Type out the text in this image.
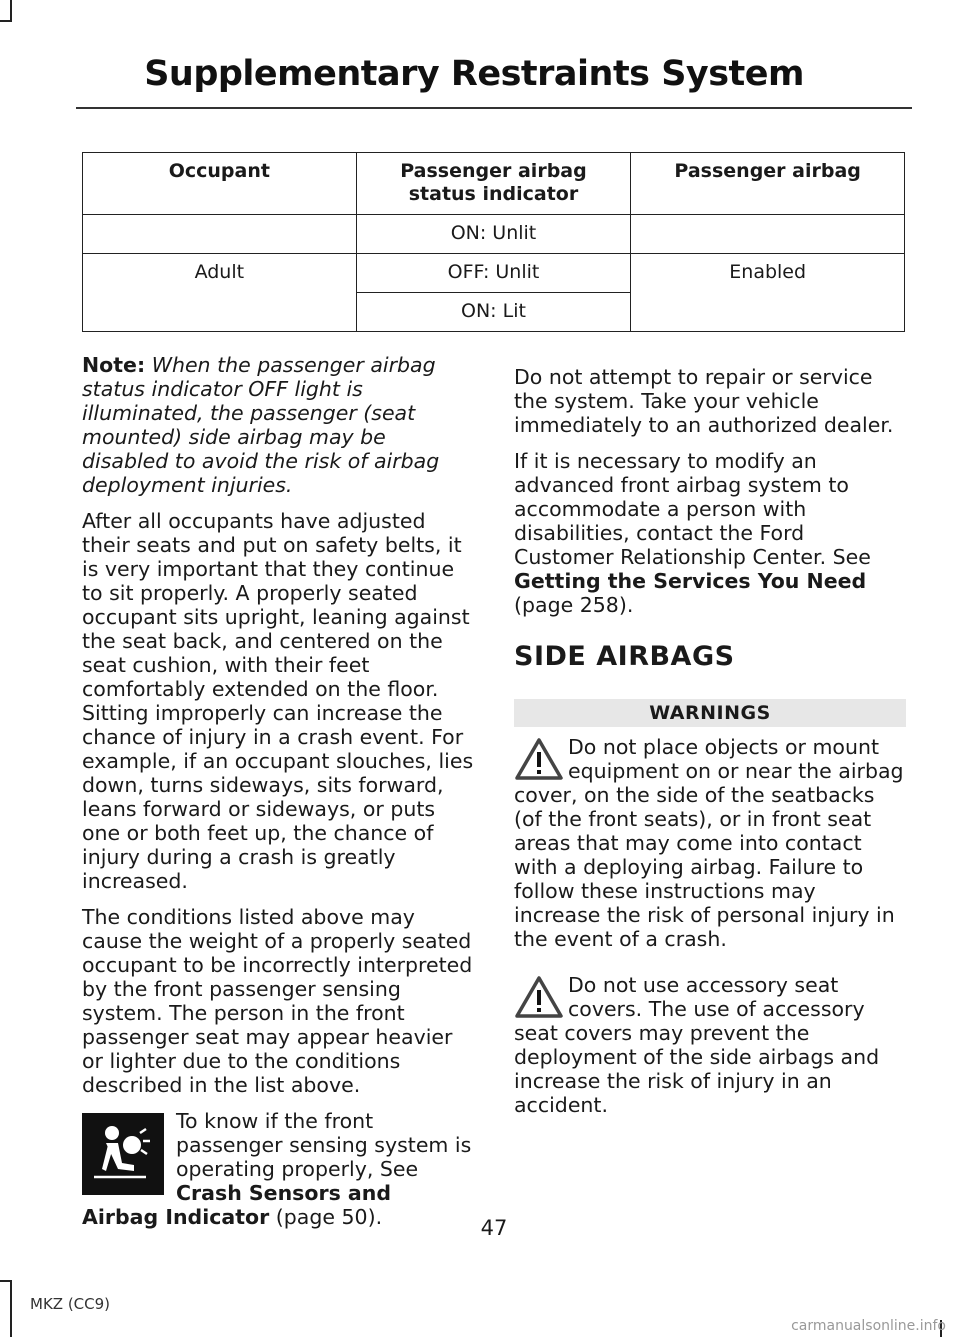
Supplementary Restraints System
Occupant	Passenger airbag status indicator	Passenger airbag
	ON: Unlit	
Adult	OFF: Unlit	Enabled
	ON: Lit	

Note: When the passenger airbag status indicator OFF light is illuminated, the passenger (seat mounted) side airbag may be disabled to avoid the risk of airbag deployment injuries.

After all occupants have adjusted their seats and put on safety belts, it is very important that they continue to sit properly. A properly seated occupant sits upright, leaning against the seat back, and centered on the seat cushion, with their feet comfortably extended on the floor. Sitting improperly can increase the chance of injury in a crash event. For example, if an occupant slouches, lies down, turns sideways, sits forward, leans forward or sideways, or puts one or both feet up, the chance of injury during a crash is greatly increased.

The conditions listed above may cause the weight of a properly seated occupant to be incorrectly interpreted by the front passenger sensing system. The person in the front passenger seat may appear heavier or lighter due to the conditions described in the list above.

To know if the front passenger sensing system is operating properly, See Crash Sensors and Airbag Indicator (page 50).

Do not attempt to repair or service the system. Take your vehicle immediately to an authorized dealer.

If it is necessary to modify an advanced front airbag system to accommodate a person with disabilities, contact the Ford Customer Relationship Center. See Getting the Services You Need (page 258).

SIDE AIRBAGS
WARNINGS

Do not place objects or mount equipment on or near the airbag cover, on the side of the seatbacks (of the front seats), or in front seat areas that may come into contact with a deploying airbag. Failure to follow these instructions may increase the risk of personal injury in the event of a crash.

Do not use accessory seat covers. The use of accessory seat covers may prevent the deployment of the side airbags and increase the risk of injury in an accident.

47
MKZ (CC9)
carmanualsonline.info
